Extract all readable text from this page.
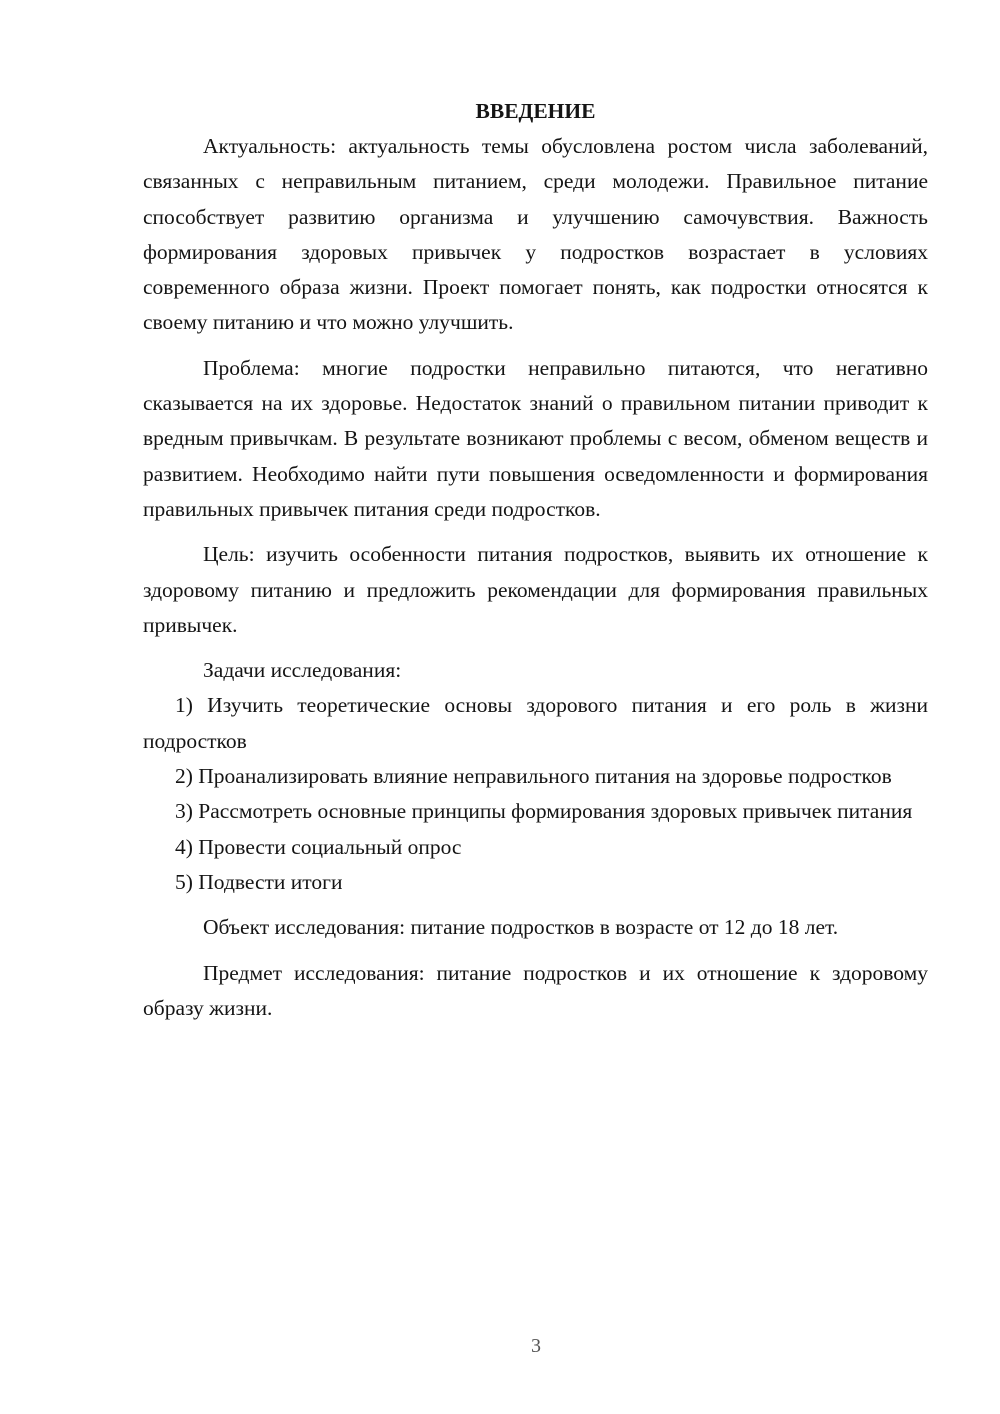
ВВЕДЕНИЕ

Актуальность: актуальность темы обусловлена ростом числа заболеваний, связанных с неправильным питанием, среди молодежи. Правильное питание способствует развитию организма и улучшению самочувствия. Важность формирования здоровых привычек у подростков возрастает в условиях современного образа жизни. Проект помогает понять, как подростки относятся к своему питанию и что можно улучшить.

Проблема: многие подростки неправильно питаются, что негативно сказывается на их здоровье. Недостаток знаний о правильном питании приводит к вредным привычкам. В результате возникают проблемы с весом, обменом веществ и развитием. Необходимо найти пути повышения осведомленности и формирования правильных привычек питания среди подростков.

Цель: изучить особенности питания подростков, выявить их отношение к здоровому питанию и предложить рекомендации для формирования правильных привычек.

Задачи исследования:

1) Изучить теоретические основы здорового питания и его роль в жизни подростков

2) Проанализировать влияние неправильного питания на здоровье подростков

3) Рассмотреть основные принципы формирования здоровых привычек питания

4) Провести социальный опрос

5) Подвести итоги

Объект исследования: питание подростков в возрасте от 12 до 18 лет.

Предмет исследования: питание подростков и их отношение к здоровому образу жизни.

3
